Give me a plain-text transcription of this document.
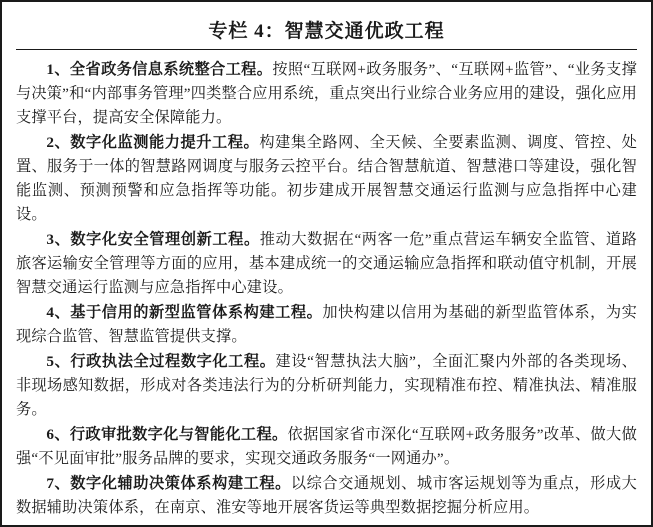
专栏 4：智慧交通优政工程

1、全省政务信息系统整合工程。按照“互联网+政务服务”、“互联网+监管”、“业务支撑与决策”和“内部事务管理”四类整合应用系统，重点突出行业综合业务应用的建设，强化应用支撑平台，提高安全保障能力。

2、数字化监测能力提升工程。构建集全路网、全天候、全要素监测、调度、管控、处置、服务于一体的智慧路网调度与服务云控平台。结合智慧航道、智慧港口等建设，强化智能监测、预测预警和应急指挥等功能。初步建成开展智慧交通运行监测与应急指挥中心建设。

3、数字化安全管理创新工程。推动大数据在“两客一危”重点营运车辆安全监管、道路旅客运输安全管理等方面的应用，基本建成统一的交通运输应急指挥和联动值守机制，开展智慧交通运行监测与应急指挥中心建设。

4、基于信用的新型监管体系构建工程。加快构建以信用为基础的新型监管体系，为实现综合监管、智慧监管提供支撑。

5、行政执法全过程数字化工程。建设“智慧执法大脑”，全面汇聚内外部的各类现场、非现场感知数据，形成对各类违法行为的分析研判能力，实现精准布控、精准执法、精准服务。

6、行政审批数字化与智能化工程。依据国家省市深化“互联网+政务服务”改革、做大做强“不见面审批”服务品牌的要求，实现交通政务服务“一网通办”。

7、数字化辅助决策体系构建工程。以综合交通规划、城市客运规划等为重点，形成大数据辅助决策体系，在南京、淮安等地开展客货运等典型数据挖掘分析应用。
